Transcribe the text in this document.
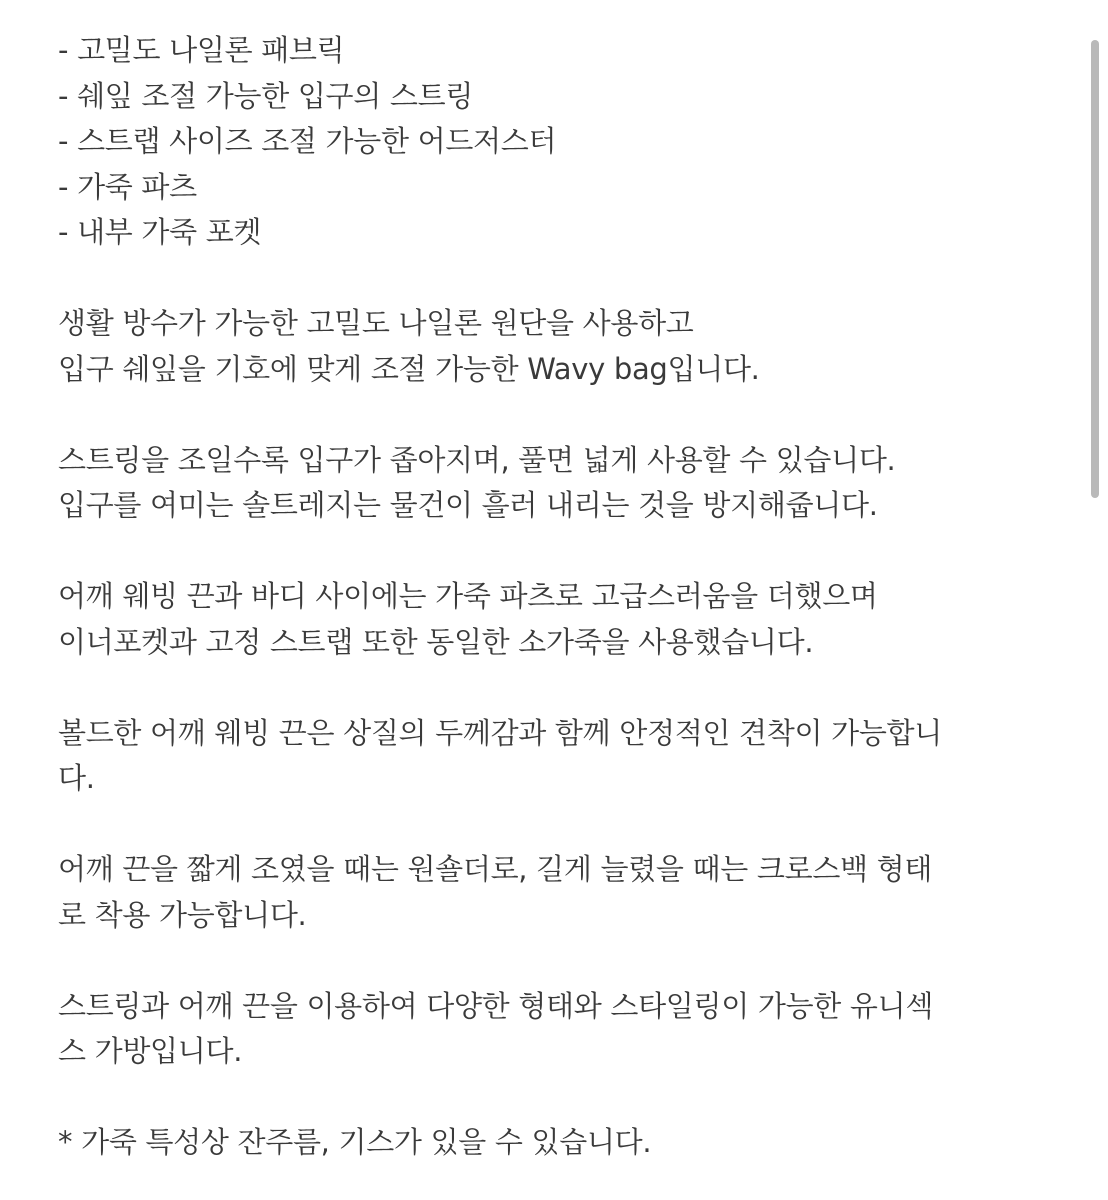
- 고밀도 나일론 패브릭
- 쉐잎 조절 가능한 입구의 스트링
- 스트랩 사이즈 조절 가능한 어드저스터
- 가죽 파츠
- 내부 가죽 포켓
생활 방수가 가능한 고밀도 나일론 원단을 사용하고
입구 쉐잎을 기호에 맞게 조절 가능한 Wavy bag입니다.
스트링을 조일수록 입구가 좁아지며, 풀면 넓게 사용할 수 있습니다.
입구를 여미는 솔트레지는 물건이 흘러 내리는 것을 방지해줍니다.
어깨 웨빙 끈과 바디 사이에는 가죽 파츠로 고급스러움을 더했으며
이너포켓과 고정 스트랩 또한 동일한 소가죽을 사용했습니다.
볼드한 어깨 웨빙 끈은 상질의 두께감과 함께 안정적인 견착이 가능합니
다.
어깨 끈을 짧게 조였을 때는 원숄더로, 길게 늘렸을 때는 크로스백 형태
로 착용 가능합니다.
스트링과 어깨 끈을 이용하여 다양한 형태와 스타일링이 가능한 유니섹
스 가방입니다.
* 가죽 특성상 잔주름, 기스가 있을 수 있습니다.
